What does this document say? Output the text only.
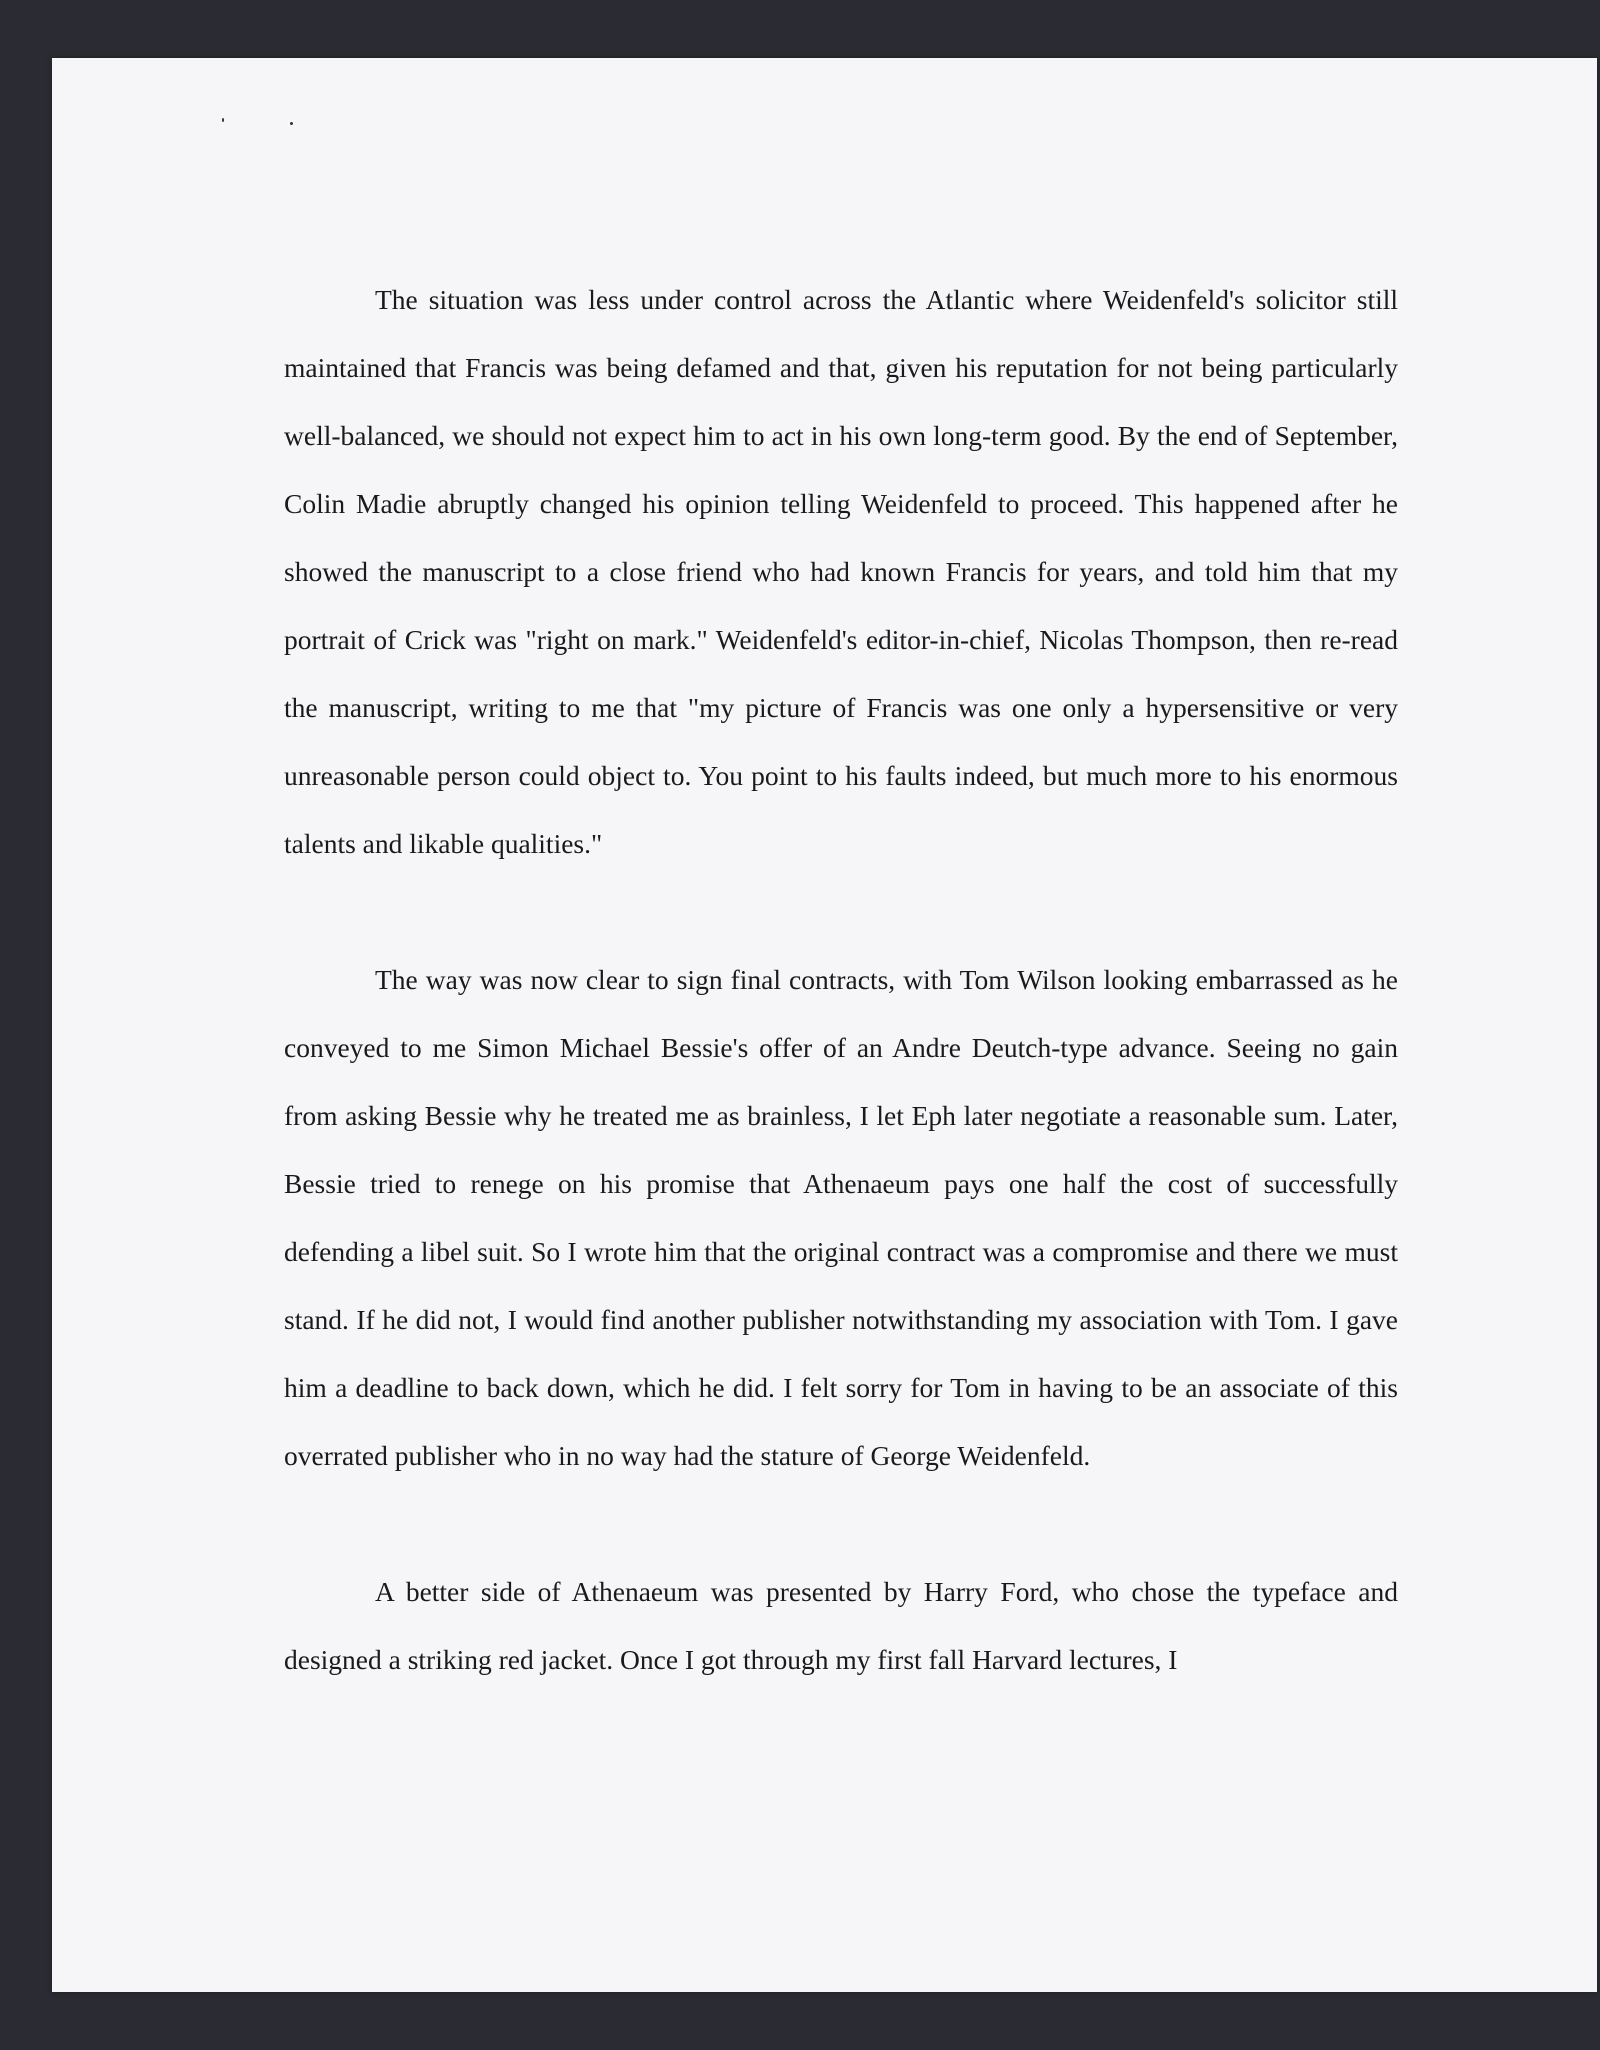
The situation was less under control across the Atlantic where Weidenfeld's solicitor still maintained that Francis was being defamed and that, given his reputation for not being particularly well-balanced, we should not expect him to act in his own long-term good. By the end of September, Colin Madie abruptly changed his opinion telling Weidenfeld to proceed. This happened after he showed the manuscript to a close friend who had known Francis for years, and told him that my portrait of Crick was "right on mark." Weidenfeld's editor-in-chief, Nicolas Thompson, then re-read the manuscript, writing to me that "my picture of Francis was one only a hypersensitive or very unreasonable person could object to. You point to his faults indeed, but much more to his enormous talents and likable qualities."

The way was now clear to sign final contracts, with Tom Wilson looking embarrassed as he conveyed to me Simon Michael Bessie's offer of an Andre Deutch-type advance. Seeing no gain from asking Bessie why he treated me as brainless, I let Eph later negotiate a reasonable sum. Later, Bessie tried to renege on his promise that Athenaeum pays one half the cost of successfully defending a libel suit. So I wrote him that the original contract was a compromise and there we must stand. If he did not, I would find another publisher notwithstanding my association with Tom. I gave him a deadline to back down, which he did. I felt sorry for Tom in having to be an associate of this overrated publisher who in no way had the stature of George Weidenfeld.

A better side of Athenaeum was presented by Harry Ford, who chose the typeface and designed a striking red jacket. Once I got through my first fall Harvard lectures, I
